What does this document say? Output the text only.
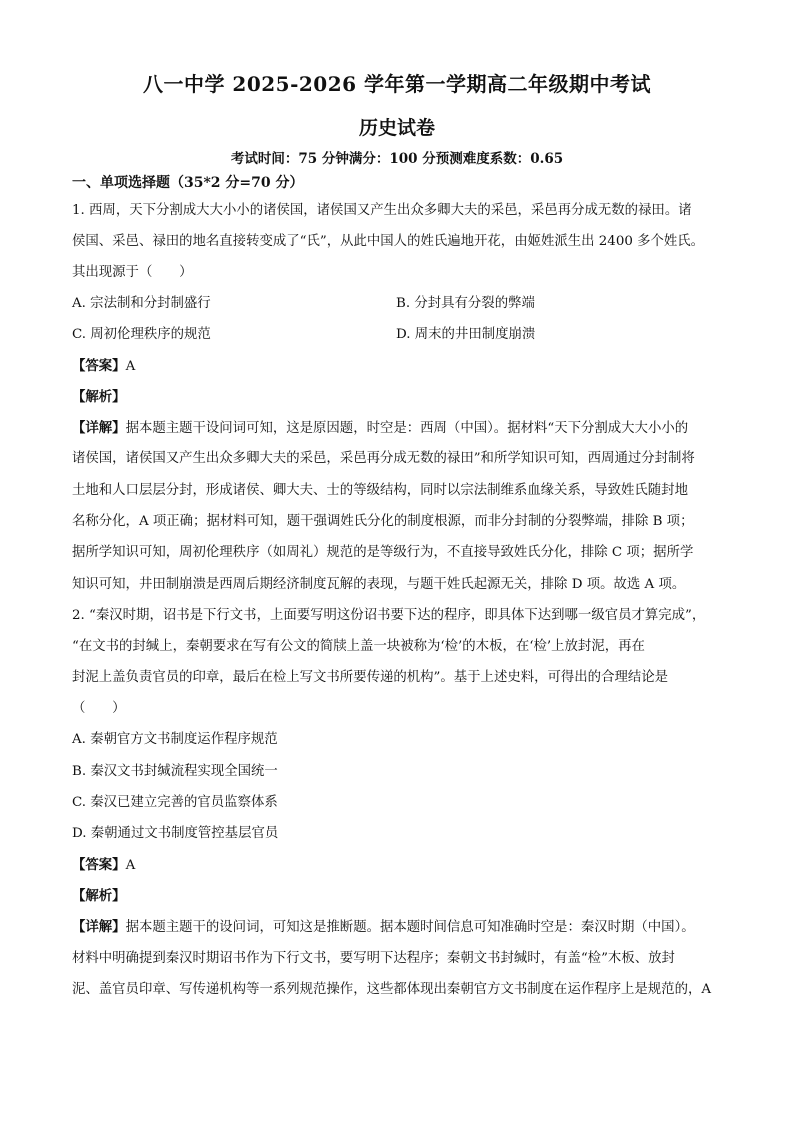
八一中学 2025-2026 学年第一学期高二年级期中考试
历史试卷
考试时间：75 分钟满分：100 分预测难度系数：0.65
一、单项选择题（35*2 分=70 分）
1. 西周，天下分割成大大小小的诸侯国，诸侯国又产生出众多卿大夫的采邑，采邑再分成无数的禄田。诸
侯国、采邑、禄田的地名直接转变成了“氏”，从此中国人的姓氏遍地开花，由姬姓派生出 2400 多个姓氏。
其出现源于（　　）
A. 宗法制和分封制盛行	B. 分封具有分裂的弊端
C. 周初伦理秩序的规范	D. 周末的井田制度崩溃
【答案】A
【解析】
【详解】据本题主题干设问词可知，这是原因题，时空是：西周（中国）。据材料“天下分割成大大小小的
诸侯国，诸侯国又产生出众多卿大夫的采邑，采邑再分成无数的禄田”和所学知识可知，西周通过分封制将
土地和人口层层分封，形成诸侯、卿大夫、士的等级结构，同时以宗法制维系血缘关系，导致姓氏随封地
名称分化，A 项正确；据材料可知，题干强调姓氏分化的制度根源，而非分封制的分裂弊端，排除 B 项；
据所学知识可知，周初伦理秩序（如周礼）规范的是等级行为，不直接导致姓氏分化，排除 C 项；据所学
知识可知，井田制崩溃是西周后期经济制度瓦解的表现，与题干姓氏起源无关，排除 D 项。故选 A 项。
2. “秦汉时期，诏书是下行文书，上面要写明这份诏书要下达的程序，即具体下达到哪一级官员才算完成”，
“在文书的封缄上，秦朝要求在写有公文的简牍上盖一块被称为‘检’的木板，在‘检’上放封泥，再在
封泥上盖负责官员的印章，最后在检上写文书所要传递的机构”。基于上述史料，可得出的合理结论是
（　　）
A. 秦朝官方文书制度运作程序规范
B. 秦汉文书封缄流程实现全国统一
C. 秦汉已建立完善的官员监察体系
D. 秦朝通过文书制度管控基层官员
【答案】A
【解析】
【详解】据本题主题干的设问词，可知这是推断题。据本题时间信息可知准确时空是：秦汉时期（中国）。
材料中明确提到秦汉时期诏书作为下行文书，要写明下达程序；秦朝文书封缄时，有盖“检”木板、放封
泥、盖官员印章、写传递机构等一系列规范操作，这些都体现出秦朝官方文书制度在运作程序上是规范的，A
